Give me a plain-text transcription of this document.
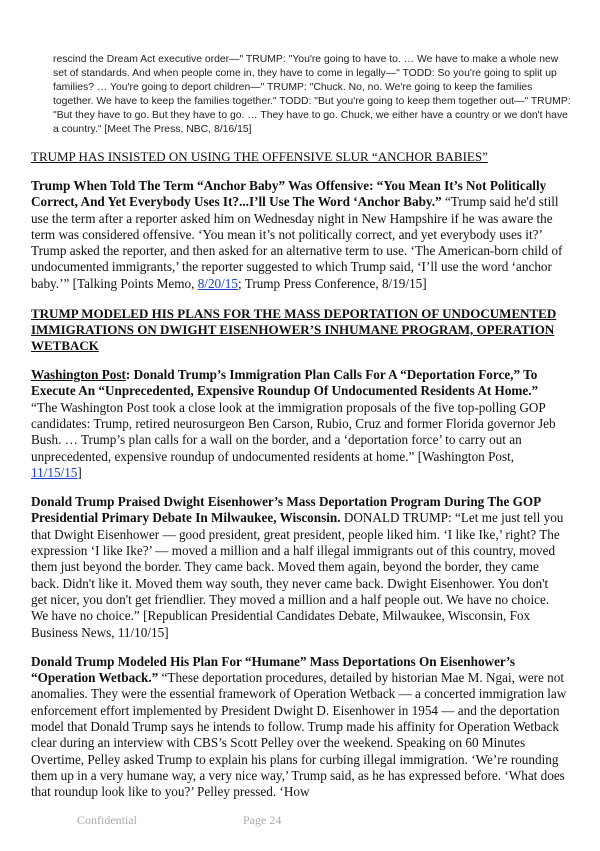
rescind the Dream Act executive order—" TRUMP: "You're going to have to. … We have to make a whole new set of standards. And when people come in, they have to come in legally—" TODD: So you're going to split up families? … You're going to deport children—" TRUMP: "Chuck. No, no. We're going to keep the families together. We have to keep the families together." TODD: "But you're going to keep them together out—" TRUMP: "But they have to go. But they have to go. … They have to go. Chuck, we either have a country or we don't have a country." [Meet The Press, NBC, 8/16/15]
TRUMP HAS INSISTED ON USING THE OFFENSIVE SLUR “ANCHOR BABIES”
Trump When Told The Term “Anchor Baby” Was Offensive: “You Mean It’s Not Politically Correct, And Yet Everybody Uses It?...I’ll Use The Word ‘Anchor Baby.” “Trump said he'd still use the term after a reporter asked him on Wednesday night in New Hampshire if he was aware the term was considered offensive. ‘You mean it’s not politically correct, and yet everybody uses it?’ Trump asked the reporter, and then asked for an alternative term to use. ‘The American-born child of undocumented immigrants,’ the reporter suggested to which Trump said, ‘I’ll use the word ‘anchor baby.’” [Talking Points Memo, 8/20/15; Trump Press Conference, 8/19/15]
TRUMP MODELED HIS PLANS FOR THE MASS DEPORTATION OF UNDOCUMENTED IMMIGRATIONS ON DWIGHT EISENHOWER’S INHUMANE PROGRAM, OPERATION WETBACK
Washington Post: Donald Trump’s Immigration Plan Calls For A “Deportation Force,” To Execute An “Unprecedented, Expensive Roundup Of Undocumented Residents At Home.” “The Washington Post took a close look at the immigration proposals of the five top-polling GOP candidates: Trump, retired neurosurgeon Ben Carson, Rubio, Cruz and former Florida governor Jeb Bush. … Trump’s plan calls for a wall on the border, and a ‘deportation force’ to carry out an unprecedented, expensive roundup of undocumented residents at home.” [Washington Post, 11/15/15]
Donald Trump Praised Dwight Eisenhower’s Mass Deportation Program During The GOP Presidential Primary Debate In Milwaukee, Wisconsin. DONALD TRUMP: “Let me just tell you that Dwight Eisenhower — good president, great president, people liked him. ‘I like Ike,’ right? The expression ‘I like Ike?’ — moved a million and a half illegal immigrants out of this country, moved them just beyond the border. They came back. Moved them again, beyond the border, they came back. Didn't like it. Moved them way south, they never came back. Dwight Eisenhower. You don't get nicer, you don't get friendlier. They moved a million and a half people out. We have no choice. We have no choice.” [Republican Presidential Candidates Debate, Milwaukee, Wisconsin, Fox Business News, 11/10/15]
Donald Trump Modeled His Plan For “Humane” Mass Deportations On Eisenhower’s “Operation Wetback.” “These deportation procedures, detailed by historian Mae M. Ngai, were not anomalies. They were the essential framework of Operation Wetback — a concerted immigration law enforcement effort implemented by President Dwight D. Eisenhower in 1954 — and the deportation model that Donald Trump says he intends to follow. Trump made his affinity for Operation Wetback clear during an interview with CBS’s Scott Pelley over the weekend. Speaking on 60 Minutes Overtime, Pelley asked Trump to explain his plans for curbing illegal immigration. ‘We’re rounding them up in a very humane way, a very nice way,’ Trump said, as he has expressed before. ‘What does that roundup look like to you?’ Pelley pressed. ‘How
Confidential	Page 24
